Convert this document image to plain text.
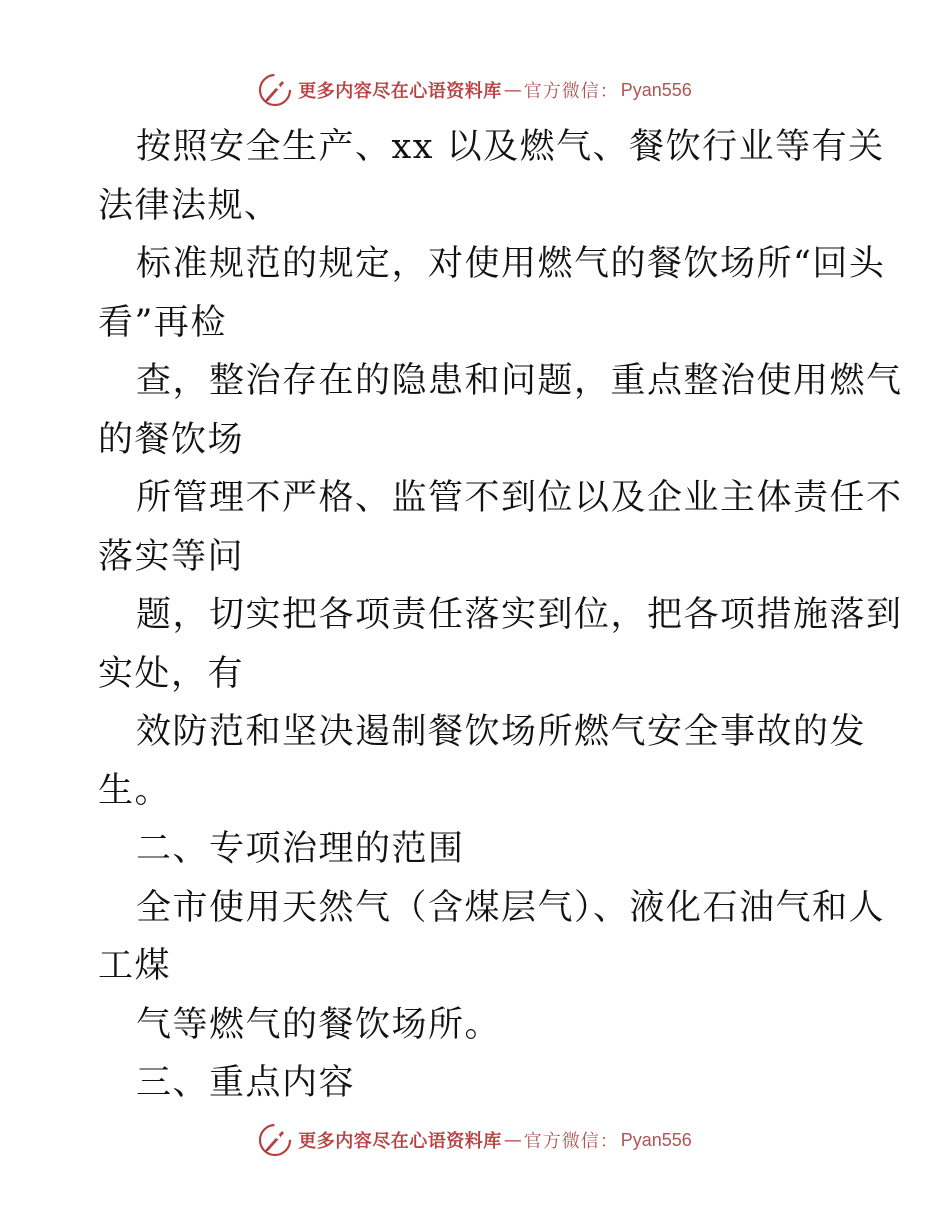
更多内容尽在心语资料库 — 官方微信： Pyan556
按照安全生产、xx 以及燃气、餐饮行业等有关
法律法规、
标准规范的规定，对使用燃气的餐饮场所“回头
看”再检
查，整治存在的隐患和问题，重点整治使用燃气
的餐饮场
所管理不严格、监管不到位以及企业主体责任不
落实等问
题，切实把各项责任落实到位，把各项措施落到
实处，有
效防范和坚决遏制餐饮场所燃气安全事故的发
生。
二、专项治理的范围
全市使用天然气（含煤层气）、液化石油气和人
工煤
气等燃气的餐饮场所。
三、重点内容
更多内容尽在心语资料库 — 官方微信： Pyan556
